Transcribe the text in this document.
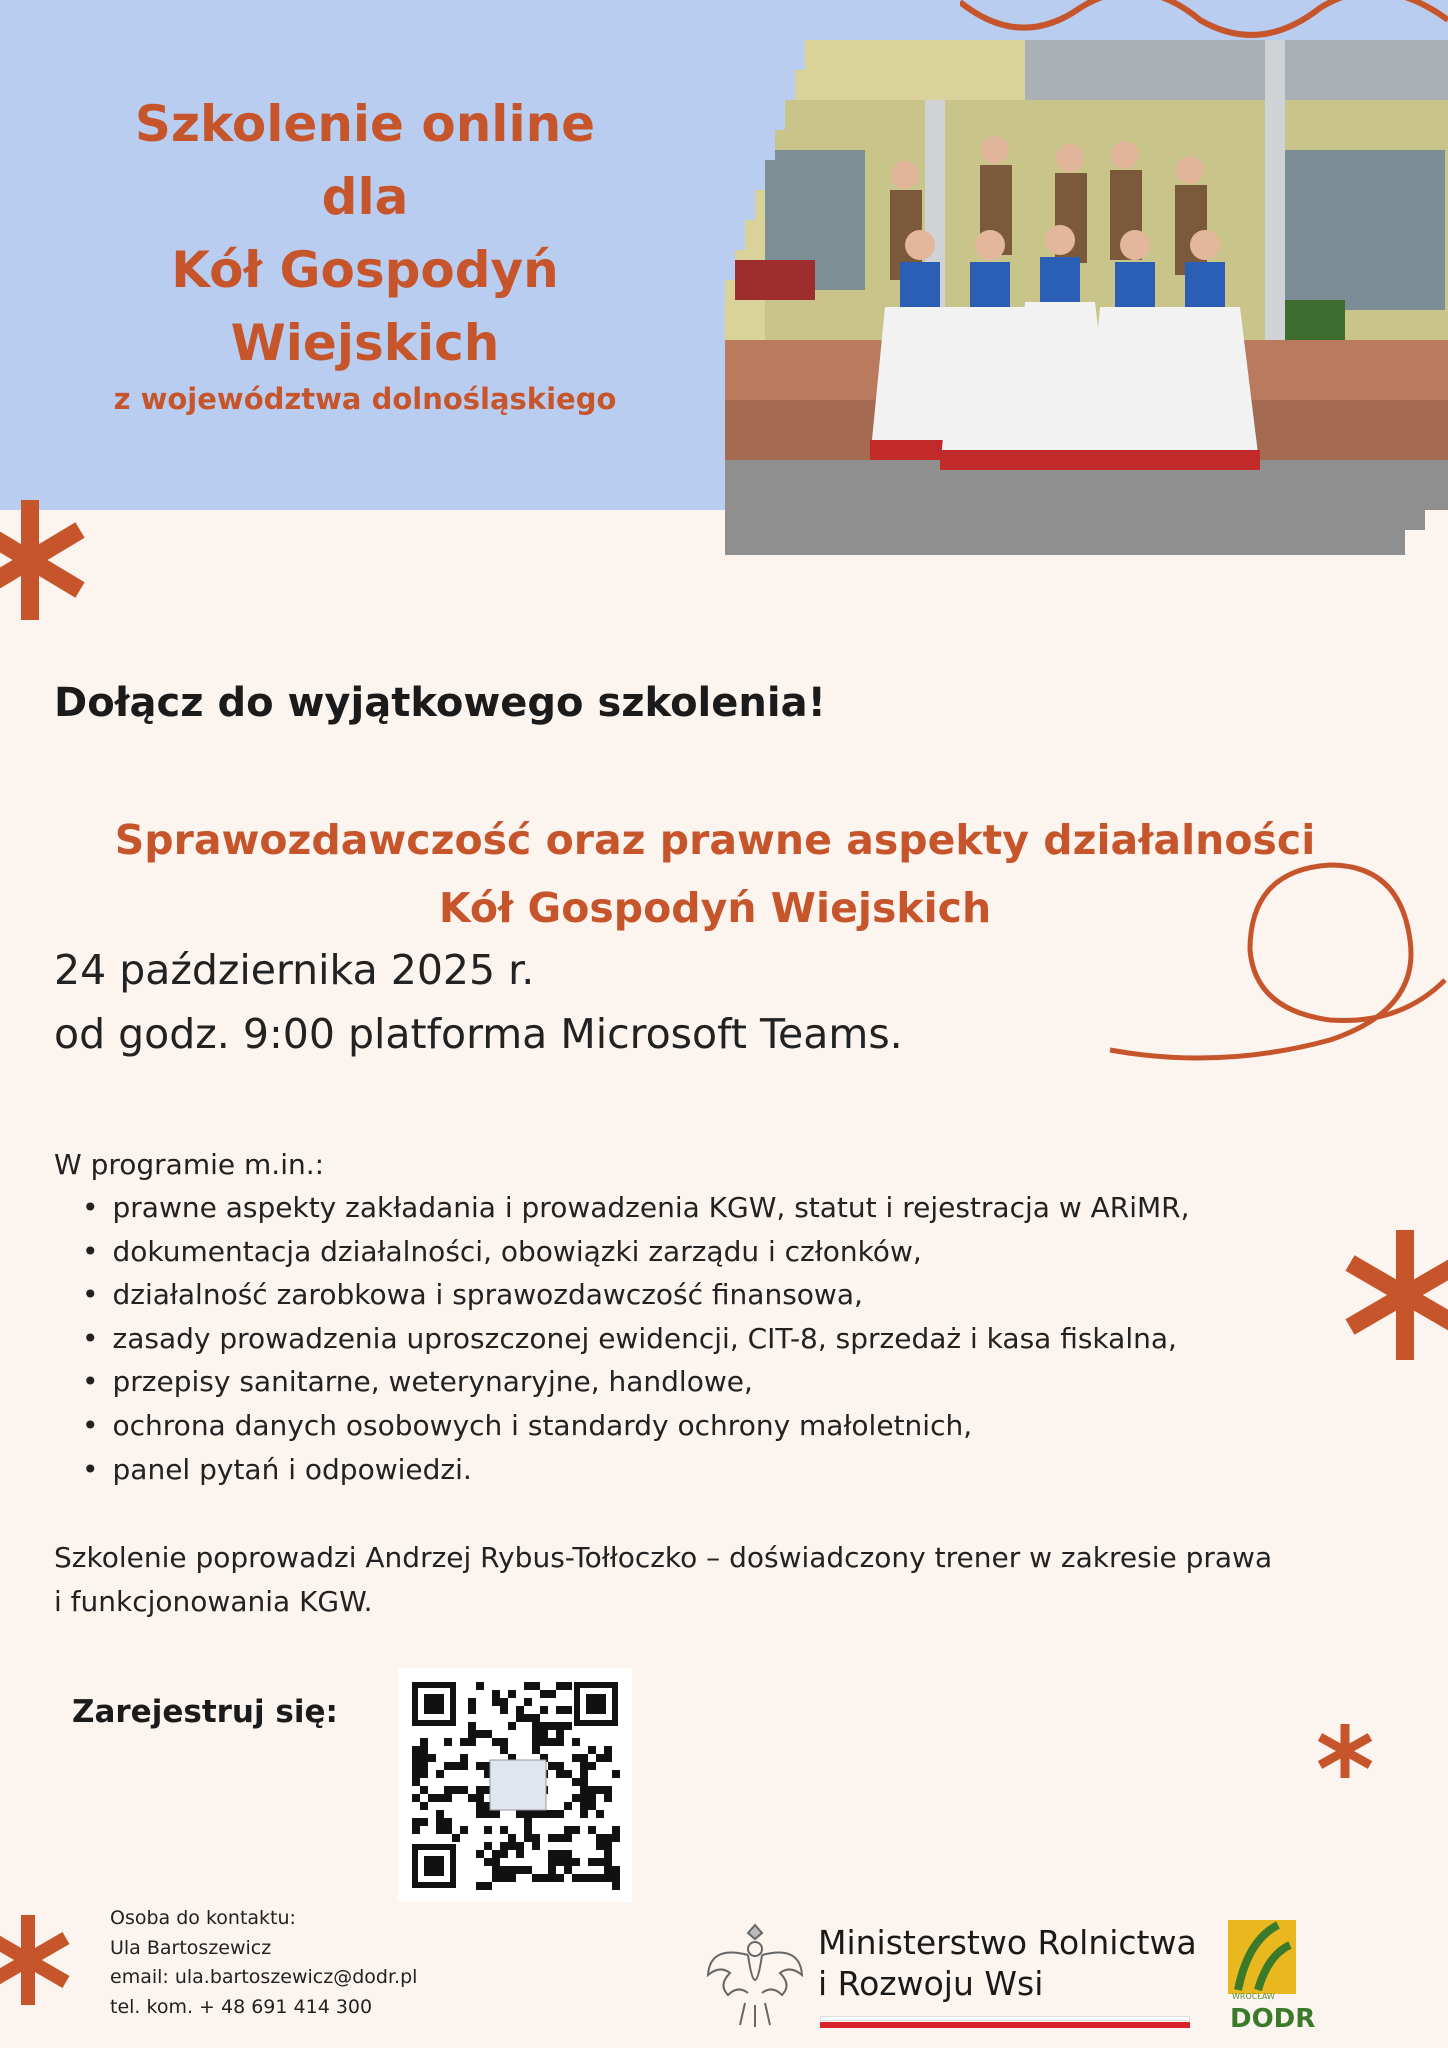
Szkolenie online
dla
Kół Gospodyń
Wiejskich
z województwa dolnośląskiego
Dołącz do wyjątkowego szkolenia!
Sprawozdawczość oraz prawne aspekty działalności
Kół Gospodyń Wiejskich
24 października 2025 r.
od godz. 9:00 platforma Microsoft Teams.
W programie m.in.:
• prawne aspekty zakładania i prowadzenia KGW, statut i rejestracja w ARiMR,
• dokumentacja działalności, obowiązki zarządu i członków,
• działalność zarobkowa i sprawozdawczość finansowa,
• zasady prowadzenia uproszczonej ewidencji, CIT-8, sprzedaż i kasa fiskalna,
• przepisy sanitarne, weterynaryjne, handlowe,
• ochrona danych osobowych i standardy ochrony małoletnich,
• panel pytań i odpowiedzi.
Szkolenie poprowadzi Andrzej Rybus-Tołłoczko – doświadczony trener w zakresie prawa
i funkcjonowania KGW.
Zarejestruj się:
Osoba do kontaktu:
Ula Bartoszewicz
email: ula.bartoszewicz@dodr.pl
tel. kom. + 48 691 414 300
Ministerstwo Rolnictwa
i Rozwoju Wsi	WROCŁAW
DODR
